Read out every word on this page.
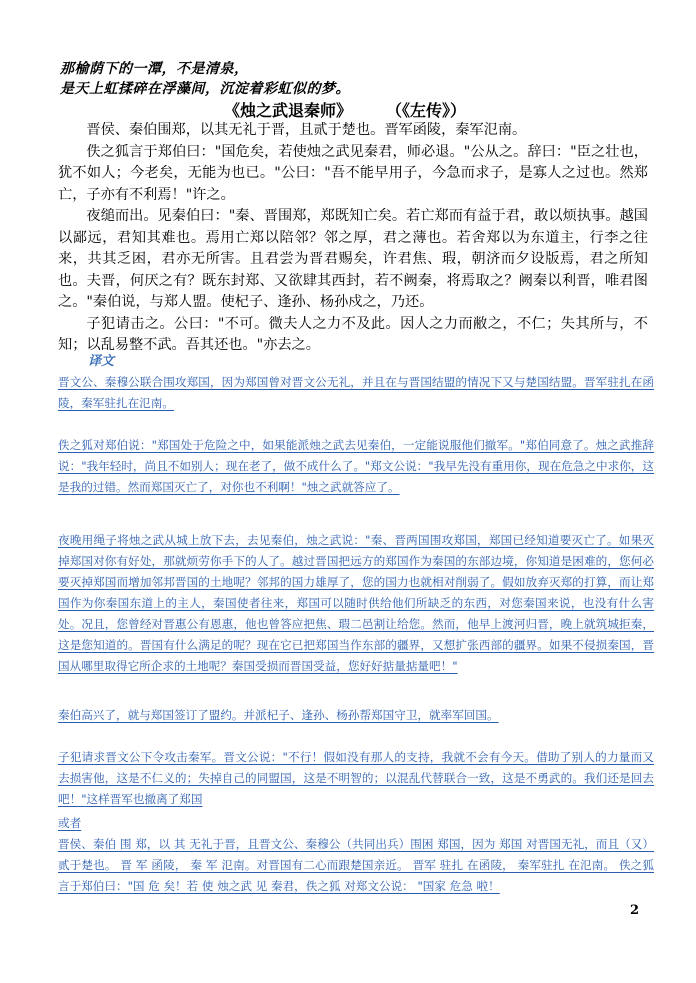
那榆荫下的一潭，不是清泉，
是天上虹揉碎在浮藻间，沉淀着彩虹似的梦。
《烛之武退秦师》 （《左传》）

晋侯、秦伯围郑，以其无礼于晋，且贰于楚也。晋军函陵，秦军氾南。

佚之狐言于郑伯曰："国危矣，若使烛之武见秦君，师必退。"公从之。辞曰："臣之壮也，犹不如人；今老矣，无能为也已。"公曰："吾不能早用子，今急而求子，是寡人之过也。然郑亡，子亦有不利焉！"许之。

夜缒而出。见秦伯曰："秦、晋围郑，郑既知亡矣。若亡郑而有益于君，敢以烦执事。越国以鄙远，君知其难也。焉用亡郑以陪邻？邻之厚，君之薄也。若舍郑以为东道主，行李之往来，共其乏困，君亦无所害。且君尝为晋君赐矣，许君焦、瑕，朝济而夕设版焉，君之所知也。夫晋，何厌之有？既东封郑、又欲肆其西封，若不阙秦，将焉取之？阙秦以利晋，唯君图之。"秦伯说，与郑人盟。使杞子、逢孙、杨孙戍之，乃还。

子犯请击之。公曰："不可。微夫人之力不及此。因人之力而敝之，不仁；失其所与，不知；以乱易整不武。吾其还也。"亦去之。

译文

晋文公、秦穆公联合围攻郑国，因为郑国曾对晋文公无礼，并且在与晋国结盟的情况下又与楚国结盟。晋军驻扎在函陵，秦军驻扎在氾南。

佚之狐对郑伯说："郑国处于危险之中，如果能派烛之武去见秦伯，一定能说服他们撤军。"郑伯同意了。烛之武推辞说："我年轻时，尚且不如别人；现在老了，做不成什么了。"郑文公说："我早先没有重用你，现在危急之中求你，这是我的过错。然而郑国灭亡了，对你也不利啊！"烛之武就答应了。

夜晚用绳子将烛之武从城上放下去，去见秦伯，烛之武说："秦、晋两国围攻郑国，郑国已经知道要灭亡了。如果灭掉郑国对你有好处，那就烦劳你手下的人了。越过晋国把远方的郑国作为秦国的东部边境，你知道是困难的，您何必要灭掉郑国而增加邻邦晋国的土地呢？邻邦的国力雄厚了，您的国力也就相对削弱了。假如放弃灭郑的打算，而让郑国作为你秦国东道上的主人，秦国使者往来，郑国可以随时供给他们所缺乏的东西，对您秦国来说，也没有什么害处。况且，您曾经对晋惠公有恩惠，他也曾答应把焦、瑕二邑割让给您。然而，他早上渡河归晋，晚上就筑城拒秦，这是您知道的。晋国有什么满足的呢？现在它已把郑国当作东部的疆界，又想扩张西部的疆界。如果不侵损秦国，晋国从哪里取得它所企求的土地呢？秦国受损而晋国受益，您好好掂量掂量吧！"

秦伯高兴了，就与郑国签订了盟约。并派杞子、逢孙、杨孙帮郑国守卫，就率军回国。

子犯请求晋文公下令攻击秦军。晋文公说："不行！假如没有那人的支持，我就不会有今天。借助了别人的力量而又去损害他，这是不仁义的；失掉自己的同盟国，这是不明智的；以混乱代替联合一致，这是不勇武的。我们还是回去吧！"这样晋军也撤离了郑国

或者

晋侯、秦伯 围 郑，以 其 无礼于晋，且晋文公、秦穆公（共同出兵）围困 郑国，因为 郑国 对晋国无礼，而且（又）贰于楚也。 晋 军 函陵， 秦 军 氾南。对晋国有二心而跟楚国亲近。 晋军 驻扎 在函陵， 秦军驻扎 在氾南。 佚之狐 言于郑伯曰："国 危 矣！若 使 烛之武 见 秦君，佚之狐 对郑文公说： "国家 危急 啦！

2
